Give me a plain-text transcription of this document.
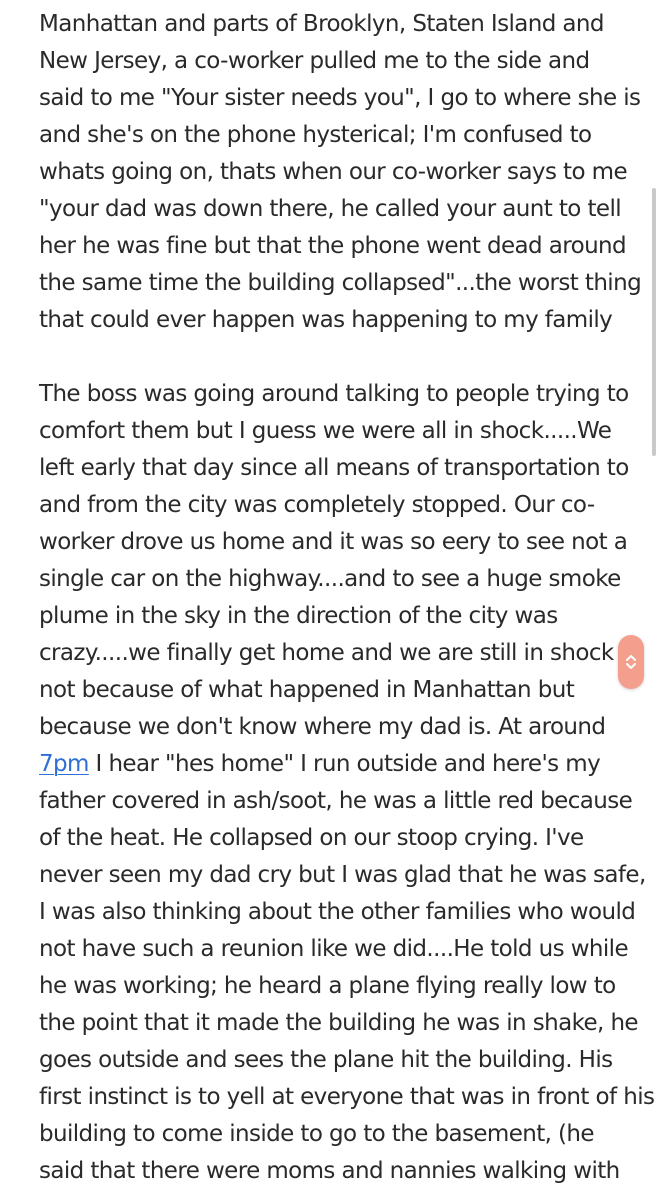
Manhattan and parts of Brooklyn, Staten Island and
New Jersey, a co-worker pulled me to the side and
said to me "Your sister needs you", I go to where she is
and she's on the phone hysterical; I'm confused to
whats going on, thats when our co-worker says to me
"your dad was down there, he called your aunt to tell
her he was fine but that the phone went dead around
the same time the building collapsed"...the worst thing
that could ever happen was happening to my family
The boss was going around talking to people trying to
comfort them but I guess we were all in shock.....We
left early that day since all means of transportation to
and from the city was completely stopped. Our co-
worker drove us home and it was so eery to see not a
single car on the highway....and to see a huge smoke
plume in the sky in the direction of the city was
crazy.....we finally get home and we are still in shock
not because of what happened in Manhattan but
because we don't know where my dad is. At around
7pm I hear "hes home" I run outside and here's my
father covered in ash/soot, he was a little red because
of the heat. He collapsed on our stoop crying. I've
never seen my dad cry but I was glad that he was safe,
I was also thinking about the other families who would
not have such a reunion like we did....He told us while
he was working; he heard a plane flying really low to
the point that it made the building he was in shake, he
goes outside and sees the plane hit the building. His
first instinct is to yell at everyone that was in front of his
building to come inside to go to the basement, (he
said that there were moms and nannies walking with
